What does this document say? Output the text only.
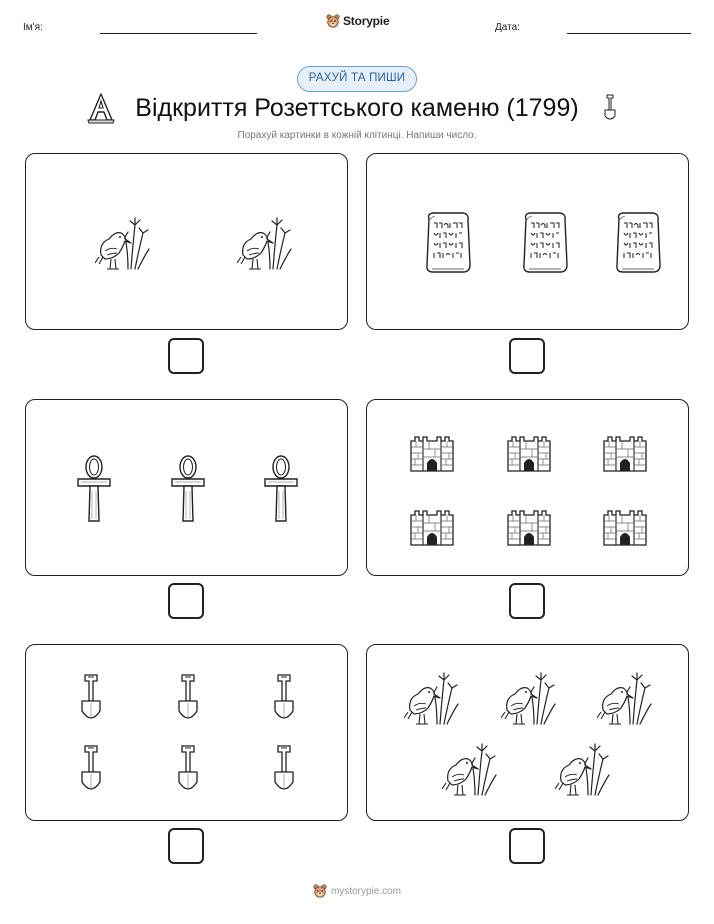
Ім'я:	Storypie	Дата:
РАХУЙ ТА ПИШИ
Відкриття Розеттського каменю (1799)
Порахуй картинки в кожній клітинці. Напиши число.
mystorypie.com
